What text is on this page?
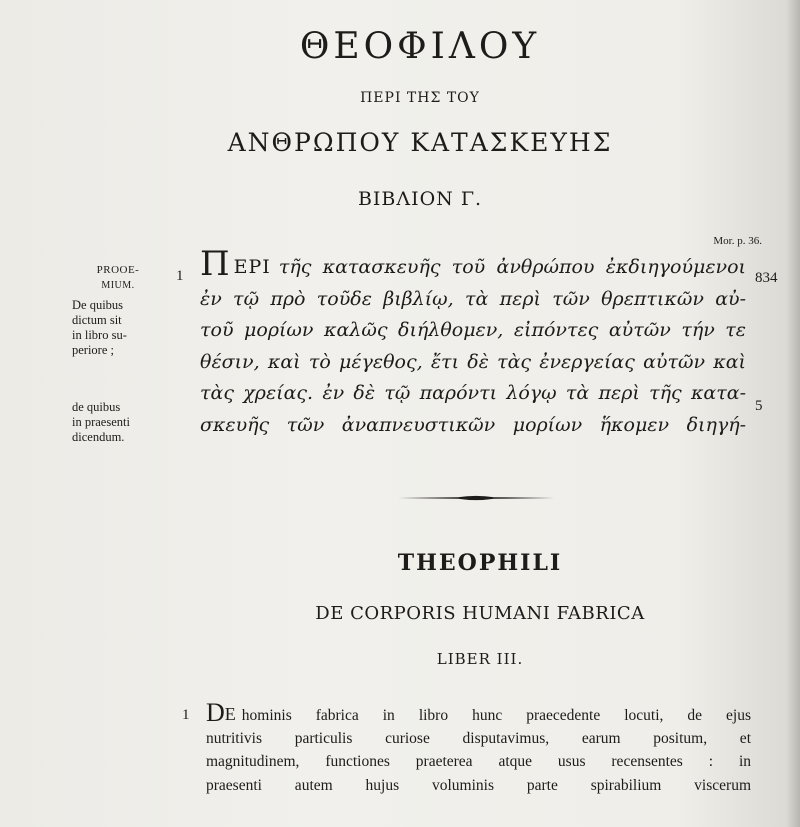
ΘΕΟΦΙΛΟΥ
ΠΕΡΙ ΤΗΣ ΤΟΥ
ΑΝΘΡΩΠΟΥ ΚΑΤΑΣΚΕΥΗΣ
ΒΙΒΛΙΟΝ Γ.
Mor. p. 36.
PROOE-
MIUM.
De quibus
dictum sit
in libro su-
periore ;
de quibus
in praesenti
dicendum.
1 ΠΕΡΙ τῆς κατασκευῆς τοῦ ἀνθρώπου ἐκδιηγούμενοι
ἐν τῷ πρὸ τοῦδε βιβλίῳ, τὰ περὶ τῶν θρεπτικῶν αὐ-
τοῦ μορίων καλῶς διήλθομεν, εἰπόντες αὐτῶν τήν τε
θέσιν, καὶ τὸ μέγεθος, ἔτι δὲ τὰς ἐνεργείας αὐτῶν καὶ
τὰς χρείας. ἐν δὲ τῷ παρόντι λόγῳ τὰ περὶ τῆς κατα-
σκευῆς τῶν ἀναπνευστικῶν μορίων ἥκομεν διηγή-
834
5
THEOPHILI
DE CORPORIS HUMANI FABRICA
LIBER III.
1 DE hominis fabrica in libro hunc praecedente locuti, de ejus
nutritivis particulis curiose disputavimus, earum positum, et
magnitudinem, functiones praeterea atque usus recensentes : in
praesenti autem hujus voluminis parte spirabilium viscerum
